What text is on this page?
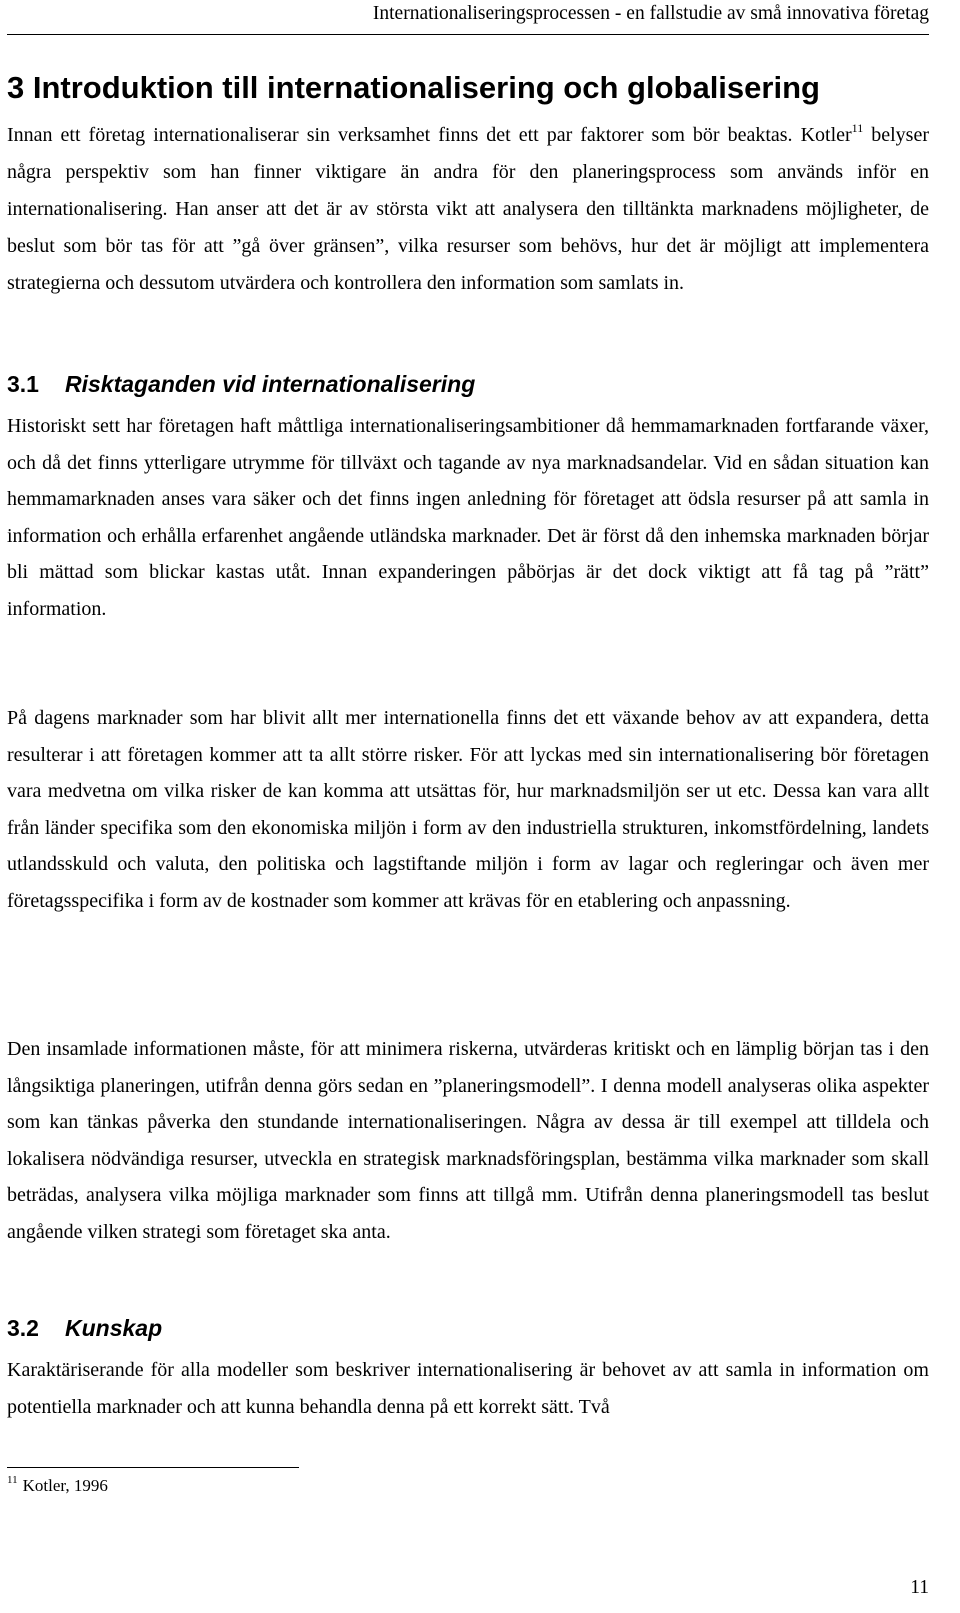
Internationaliseringsprocessen - en fallstudie av små innovativa företag
3 Introduktion till internationalisering och globalisering

Innan ett företag internationaliserar sin verksamhet finns det ett par faktorer som bör beaktas. Kotler$^{11}$ belyser några perspektiv som han finner viktigare än andra för den planeringsprocess som används inför en internationalisering. Han anser att det är av största vikt att analysera den tilltänkta marknadens möjligheter, de beslut som bör tas för att ”gå över gränsen”, vilka resurser som behövs, hur det är möjligt att implementera strategierna och dessutom utvärdera och kontrollera den information som samlats in.

3.1 Risktaganden vid internationalisering

Historiskt sett har företagen haft måttliga internationaliseringsambitioner då hemmamarknaden fortfarande växer, och då det finns ytterligare utrymme för tillväxt och tagande av nya marknadsandelar. Vid en sådan situation kan hemmamarknaden anses vara säker och det finns ingen anledning för företaget att ödsla resurser på att samla in information och erhålla erfarenhet angående utländska marknader. Det är först då den inhemska marknaden börjar bli mättad som blickar kastas utåt. Innan expanderingen påbörjas är det dock viktigt att få tag på ”rätt” information.

På dagens marknader som har blivit allt mer internationella finns det ett växande behov av att expandera, detta resulterar i att företagen kommer att ta allt större risker. För att lyckas med sin internationalisering bör företagen vara medvetna om vilka risker de kan komma att utsättas för, hur marknadsmiljön ser ut etc. Dessa kan vara allt från länder specifika som den ekonomiska miljön i form av den industriella strukturen, inkomstfördelning, landets utlandsskuld och valuta, den politiska och lagstiftande miljön i form av lagar och regleringar och även mer företagsspecifika i form av de kostnader som kommer att krävas för en etablering och anpassning.

Den insamlade informationen måste, för att minimera riskerna, utvärderas kritiskt och en lämplig början tas i den långsiktiga planeringen, utifrån denna görs sedan en ”planeringsmodell”. I denna modell analyseras olika aspekter som kan tänkas påverka den stundande internationaliseringen. Några av dessa är till exempel att tilldela och lokalisera nödvändiga resurser, utveckla en strategisk marknadsföringsplan, bestämma vilka marknader som skall beträdas, analysera vilka möjliga marknader som finns att tillgå mm. Utifrån denna planeringsmodell tas beslut angående vilken strategi som företaget ska anta.

3.2 Kunskap

Karaktäriserande för alla modeller som beskriver internationalisering är behovet av att samla in information om potentiella marknader och att kunna behandla denna på ett korrekt sätt. Två

$^{11}$ Kotler, 1996
11
